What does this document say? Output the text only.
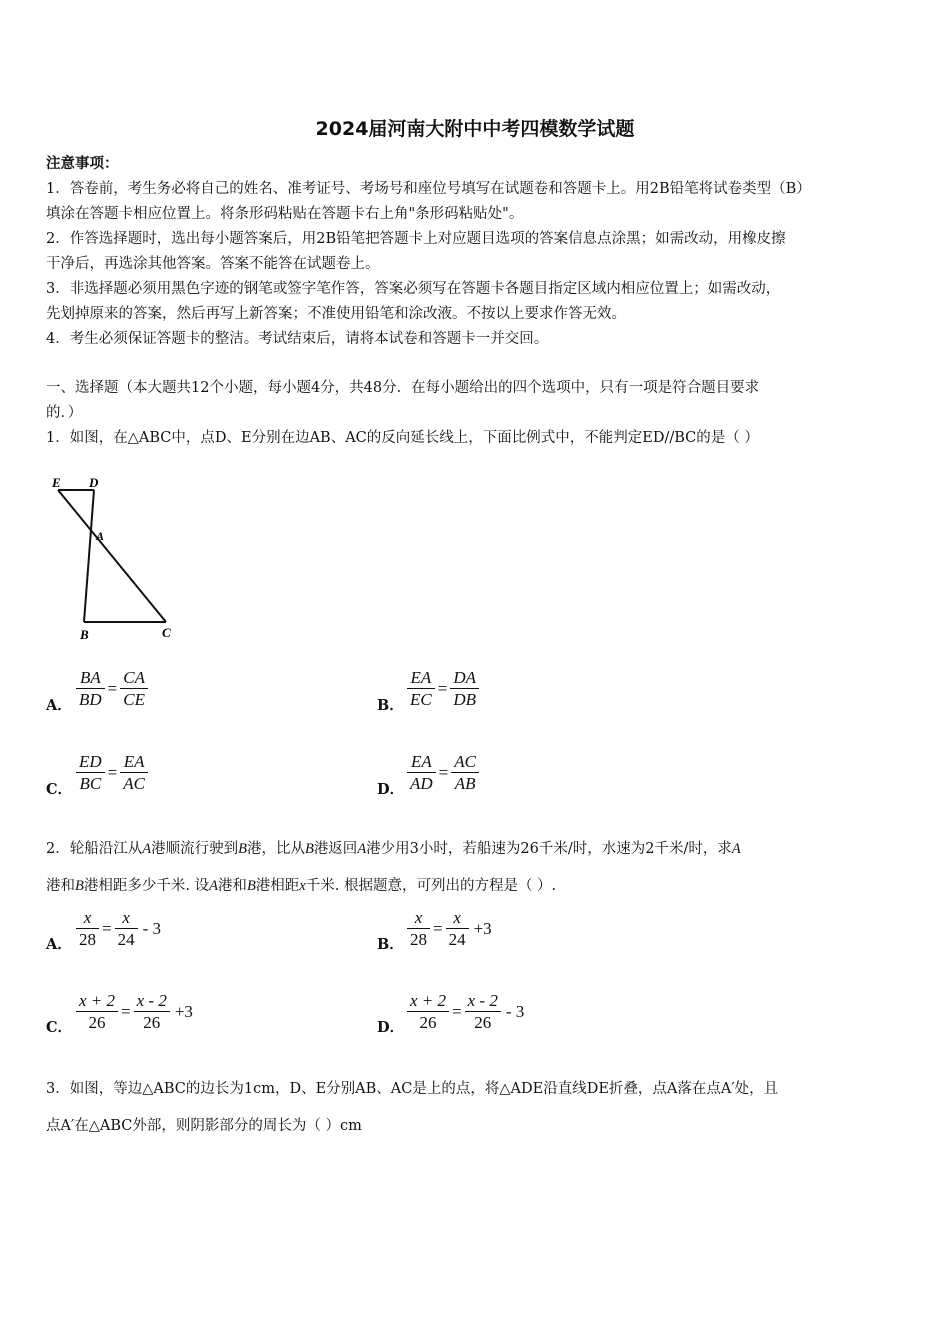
2024届河南大附中中考四模数学试题
注意事项：
1．答卷前，考生务必将自己的姓名、准考证号、考场号和座位号填写在试题卷和答题卡上。用2B铅笔将试卷类型（B）
填涂在答题卡相应位置上。将条形码粘贴在答题卡右上角"条形码粘贴处"。
2．作答选择题时，选出每小题答案后，用2B铅笔把答题卡上对应题目选项的答案信息点涂黑；如需改动，用橡皮擦
干净后，再选涂其他答案。答案不能答在试题卷上。
3．非选择题必须用黑色字迹的钢笔或签字笔作答，答案必须写在答题卡各题目指定区域内相应位置上；如需改动，
先划掉原来的答案，然后再写上新答案；不准使用铅笔和涂改液。不按以上要求作答无效。
4．考生必须保证答题卡的整洁。考试结束后，请将本试卷和答题卡一并交回。
一、选择题（本大题共12个小题，每小题4分，共48分．在每小题给出的四个选项中，只有一项是符合题目要求
的．）
1．如图，在△ABC中，点D、E分别在边AB、AC的反向延长线上，下面比例式中，不能判定ED//BC的是（ ）
E D
A
B	C
A． $\frac{BA}{BD} = \frac{CA}{CE}$	B． $\frac{EA}{EC} = \frac{DA}{DB}$
C． $\frac{ED}{BC} = \frac{EA}{AC}$	D． $\frac{EA}{AD} = \frac{AC}{AB}$
2．轮船沿江从A港顺流行驶到B港，比从B港返回A港少用3小时，若船速为26千米/时，水速为2千米/时，求A
港和B港相距多少千米. 设A港和B港相距x千米. 根据题意，可列出的方程是（ ）.
A． $\frac{x}{28} = \frac{x}{24} - 3$
B． $\frac{x}{28} = \frac{x}{24} +3$
C． $\frac{x + 2}{26} = \frac{x - 2}{26} +3$
D． $\frac{x + 2}{26} = \frac{x - 2}{26} - 3$
3．如图，等边△ABC的边长为1cm，D、E分别AB、AC是上的点，将△ADE沿直线DE折叠，点A落在点A′处，且
点A′在△ABC外部，则阴影部分的周长为（ ）cm
